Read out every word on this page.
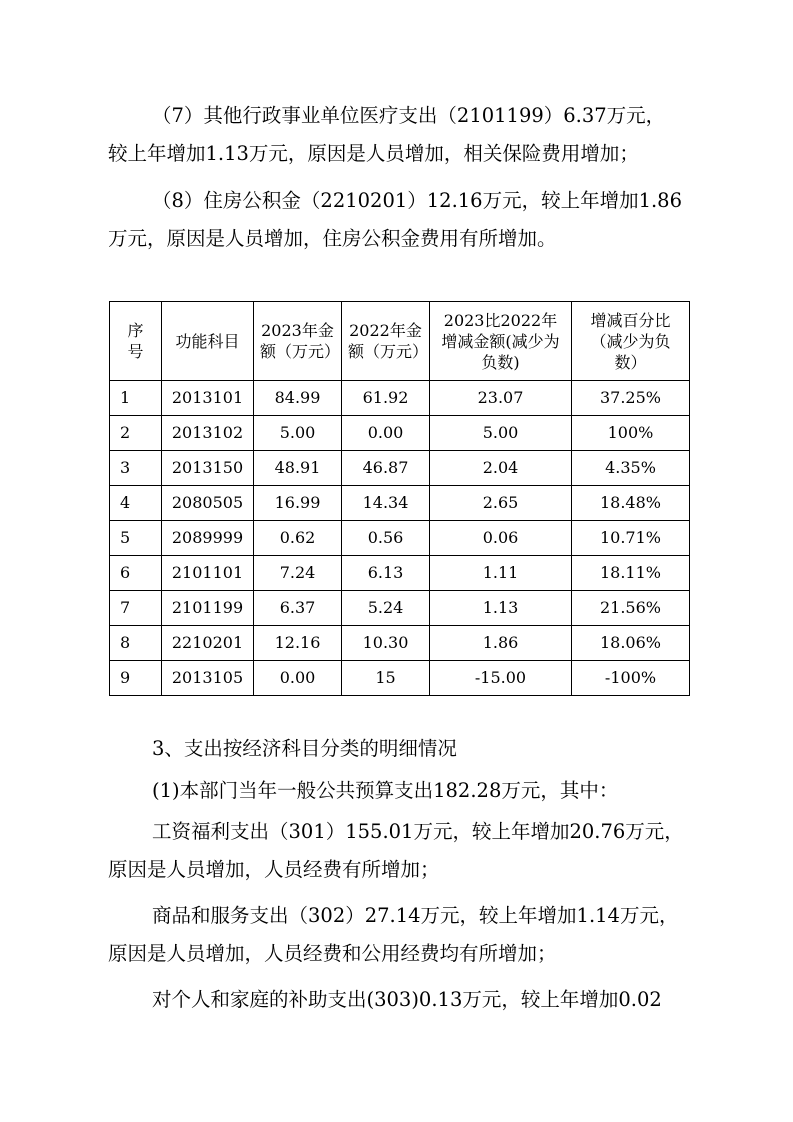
（7）其他行政事业单位医疗支出（2101199）6.37万元，
较上年增加1.13万元，原因是人员增加，相关保险费用增加；

（8）住房公积金（2210201）12.16万元，较上年增加1.86
万元，原因是人员增加，住房公积金费用有所增加。

序号	功能科目	2023年金额（万元）	2022年金额（万元）	2023比2022年增减金额(减少为负数)	增减百分比（减少为负数）
1	2013101	84.99	61.92	23.07	37.25%
2	2013102	5.00	0.00	5.00	100%
3	2013150	48.91	46.87	2.04	4.35%
4	2080505	16.99	14.34	2.65	18.48%
5	2089999	0.62	0.56	0.06	10.71%
6	2101101	7.24	6.13	1.11	18.11%
7	2101199	6.37	5.24	1.13	21.56%
8	2210201	12.16	10.30	1.86	18.06%
9	2013105	0.00	15	-15.00	-100%

3、支出按经济科目分类的明细情况

(1)本部门当年一般公共预算支出182.28万元，其中：

工资福利支出（301）155.01万元，较上年增加20.76万元，
原因是人员增加，人员经费有所增加；

商品和服务支出（302）27.14万元，较上年增加1.14万元，
原因是人员增加，人员经费和公用经费均有所增加；

对个人和家庭的补助支出(303)0.13万元，较上年增加0.02
